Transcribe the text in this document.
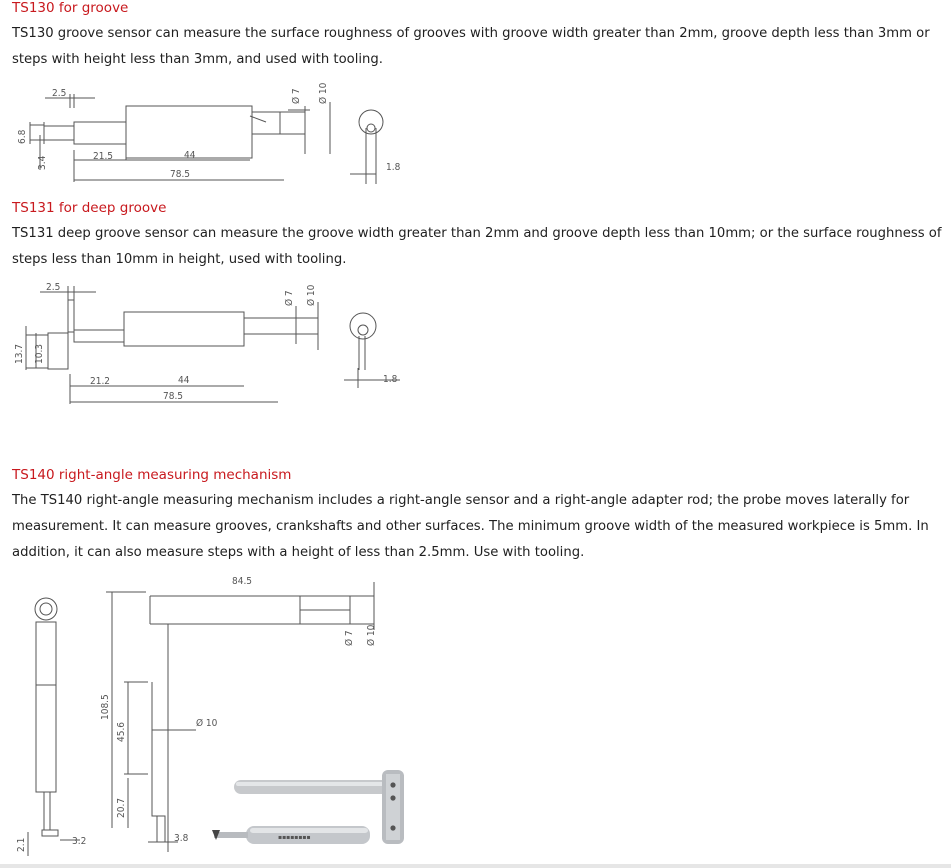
TS130 for groove
TS130 groove sensor can measure the surface roughness of grooves with groove width greater than 2mm, groove depth less than 3mm or steps with height less than 3mm, and used with tooling.
2.5
21.5	44
78.5
1.8
6.8
3.4
Ø 7 Ø 10
TS131 for deep groove
TS131 deep groove sensor can measure the groove width greater than 2mm and groove depth less than 10mm; or the surface roughness of steps less than 10mm in height, used with tooling.
2.5
21.2	44
78.5
1.8
13.7 10.3
Ø 7 Ø 10
TS140 right-angle measuring mechanism
The TS140 right-angle measuring mechanism includes a right-angle sensor and a right-angle adapter rod; the probe moves laterally for measurement. It can measure grooves, crankshafts and other surfaces. The minimum groove width of the measured workpiece is 5mm. In addition, it can also measure steps with a height of less than 2.5mm. Use with tooling.
▪▪▪▪▪▪▪▪
84.5
Ø 10
3.2	3.8
Ø 7 Ø 10
108.5
45.6
20.7
2.1
